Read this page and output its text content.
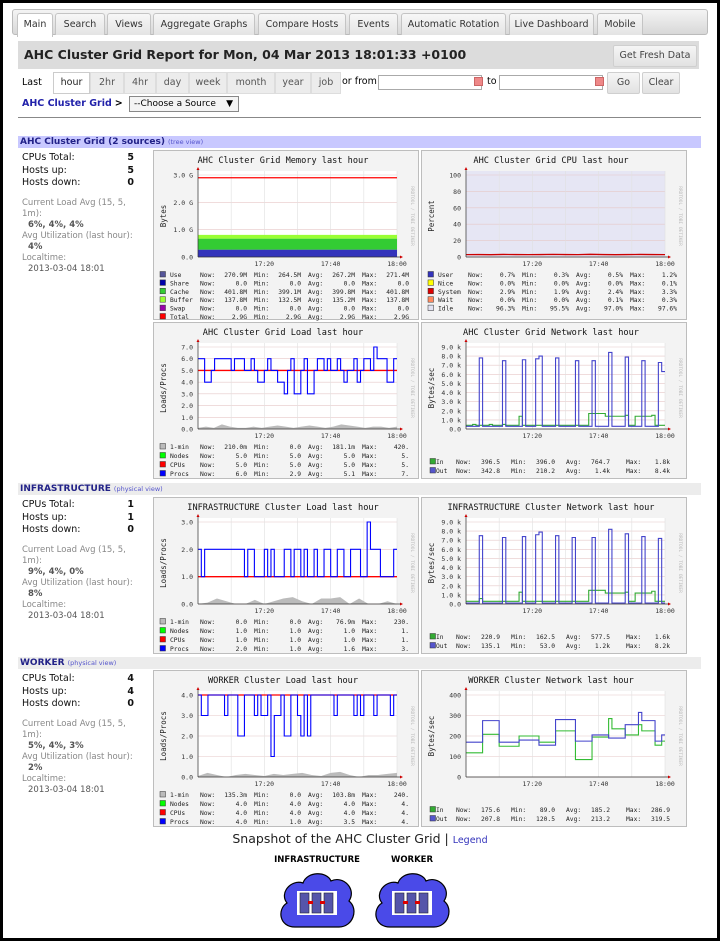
Main	Search	Views	Aggregate Graphs	Compare Hosts	Events	Automatic Rotation	Live Dashboard	Mobile
AHC Cluster Grid Report for Mon, 04 Mar 2013 18:01:33 +0100	Get Fresh Data
Last	hour	2hr	4hr	day	week	month	year	job or from	to	Go	Clear
AHC Cluster Grid >	--Choose a Source ▼
AHC Cluster Grid (2 sources) (tree view)
CPUs Total:	5
Hosts up:	5
Hosts down:	0
Current Load Avg (15, 5, 1m):
6%, 4%, 4%
Avg Utilization (last hour):
4%
Localtime:
2013-03-04 18:01
AHC Cluster Grid Memory last hour
0.0
1.0 G
2.0 G
3.0 G
Bytes	RRDTOOL / TOBI OETIKER
17:20	17:40	18:00
Use	Now: 270.9M Min: 264.5M Avg: 267.2M Max: 271.4M
Share Now:	0.0 Min:	0.0 Avg:	0.0 Max:	0.0
Cache Now: 401.8M Min: 399.1M Avg: 399.8M Max: 401.8M
Buffer Now: 137.8M Min: 132.5M Avg: 135.2M Max: 137.8M
Swap Now:	0.0 Min:	0.0 Avg:	0.0 Max:	0.0
Total Now:	2.9G Min:	2.9G Avg:	2.9G Max:	2.9G
AHC Cluster Grid CPU last hour
0
20
40
60
80
100
Percent	RRDTOOL / TOBI OETIKER
17:20	17:40	18:00
User Now:	0.7% Min:	0.3% Avg:	0.5% Max:	1.2%
Nice Now:	0.0% Min:	0.0% Avg:	0.0% Max:	0.1%
System Now:	2.9% Min:	1.9% Avg:	2.4% Max:	3.3%
Wait Now:	0.0% Min:	0.0% Avg:	0.1% Max:	0.3%
Idle Now: 96.3% Min: 95.5% Avg: 97.0% Max: 97.6%
AHC Cluster Grid Load last hour
0.0
1.0
2.0
3.0
4.0
5.0
6.0
7.0
Loads/Procs	RRDTOOL / TOBI OETIKER
17:20	17:40	18:00
1-min Now: 210.0m Min:	0.0 Avg: 181.1m Max:	420.
Nodes Now:	5.0 Min:	5.0 Avg:	5.0 Max:	5.
CPUs Now:	5.0 Min:	5.0 Avg:	5.0 Max:	5.
Procs Now:	6.0 Min:	2.9 Avg:	5.1 Max:	7.
AHC Cluster Grid Network last hour
0.0
1.0 k
2.0 k
3.0 k
4.0 k
5.0 k
6.0 k
7.0 k
8.0 k
9.0 k
Bytes/sec	RRDTOOL / TOBI OETIKER
17:20	17:40	18:00
In Now: 396.5 Min: 396.0 Avg: 764.7	Max: 1.8k
Out Now: 342.8 Min: 210.2 Avg: 1.4k	Max: 8.4k
INFRASTRUCTURE (physical view)
CPUs Total:	1
Hosts up:	1
Hosts down:	0
Current Load Avg (15, 5, 1m):
9%, 4%, 0%
Avg Utilization (last hour):
8%
Localtime:
2013-03-04 18:01
INFRASTRUCTURE Cluster Load last hour
0.0
1.0
2.0
3.0
Loads/Procs	RRDTOOL / TOBI OETIKER
17:20	17:40	18:00
1-min Now:	0.0 Min:	0.0 Avg: 76.9m Max:	230.
Nodes Now:	1.0 Min:	1.0 Avg:	1.0 Max:	1.
CPUs Now:	1.0 Min:	1.0 Avg:	1.0 Max:	1.
Procs Now:	2.0 Min:	1.0 Avg:	1.6 Max:	3.
INFRASTRUCTURE Cluster Network last hour
0.0
1.0 k
2.0 k
3.0 k
4.0 k
5.0 k
6.0 k
7.0 k
8.0 k
9.0 k
Bytes/sec	RRDTOOL / TOBI OETIKER
17:20	17:40	18:00
In Now: 220.9 Min: 162.5 Avg: 577.5	Max: 1.6k
Out Now: 135.1 Min: 53.0 Avg: 1.2k	Max: 8.2k
WORKER (physical view)
CPUs Total:	4
Hosts up:	4
Hosts down:	0
Current Load Avg (15, 5, 1m):
5%, 4%, 3%
Avg Utilization (last hour):
2%
Localtime:
2013-03-04 18:01
WORKER Cluster Load last hour
0.0
1.0
2.0
3.0
4.0
Loads/Procs	RRDTOOL / TOBI OETIKER
17:20	17:40	18:00
1-min Now: 135.3m Min:	0.0 Avg: 103.8m Max:	240.
Nodes Now:	4.0 Min:	4.0 Avg:	4.0 Max:	4.
CPUs Now:	4.0 Min:	4.0 Avg:	4.0 Max:	4.
Procs Now:	4.0 Min:	1.0 Avg:	3.5 Max:	4.
WORKER Cluster Network last hour
0
100
200
300
400
Bytes/sec	RRDTOOL / TOBI OETIKER
17:20	17:40	18:00
In Now: 175.6 Min: 89.0 Avg: 185.2	Max: 286.9
Out Now: 207.8 Min: 120.5 Avg: 213.2	Max: 319.5
Snapshot of the AHC Cluster Grid | Legend
INFRASTRUCTURE	WORKER
